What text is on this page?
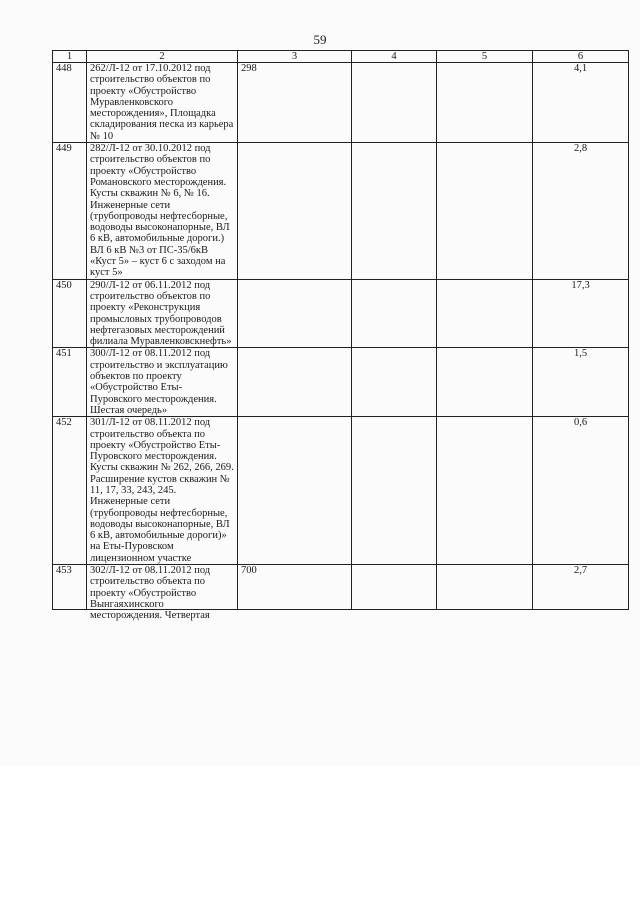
59
1	2	3	4	5	6
448	262/Л-12 от 17.10.2012 под строительство объектов по проекту «Обустройство Муравленковского месторождения», Площадка складирования песка из карьера № 10	298			4,1
449	282/Л-12 от 30.10.2012 под строительство объектов по проекту «Обустройство Романовского месторождения. Кусты скважин № 6, № 16. Инженерные сети (трубопроводы нефтесборные, водоводы высоконапорные, ВЛ 6 кВ, автомобильные дороги.) ВЛ 6 кВ №3 от ПС-35/6кВ «Куст 5» – куст 6 с заходом на куст 5»				2,8
450	290/Л-12 от 06.11.2012 под строительство объектов по проекту «Реконструкция промысловых трубопроводов нефтегазовых месторождений филиала Муравленковскнефть»				17,3
451	300/Л-12 от 08.11.2012 под строительство и эксплуатацию объектов по проекту «Обустройство Еты-Пуровского месторождения. Шестая очередь»				1,5
452	301/Л-12 от 08.11.2012 под строительство объекта по проекту «Обустройство Еты-Пуровского месторождения. Кусты скважин № 262, 266, 269. Расширение кустов скважин № 11, 17, 33, 243, 245. Инженерные сети (трубопроводы нефтесборные, водоводы высоконапорные, ВЛ 6 кВ, автомобильные дороги)» на Еты-Пуровском лицензионном участке				0,6
453	302/Л-12 от 08.11.2012 под строительство объекта по проекту «Обустройство Вынгаяхинского месторождения. Четвертая	700			2,7
